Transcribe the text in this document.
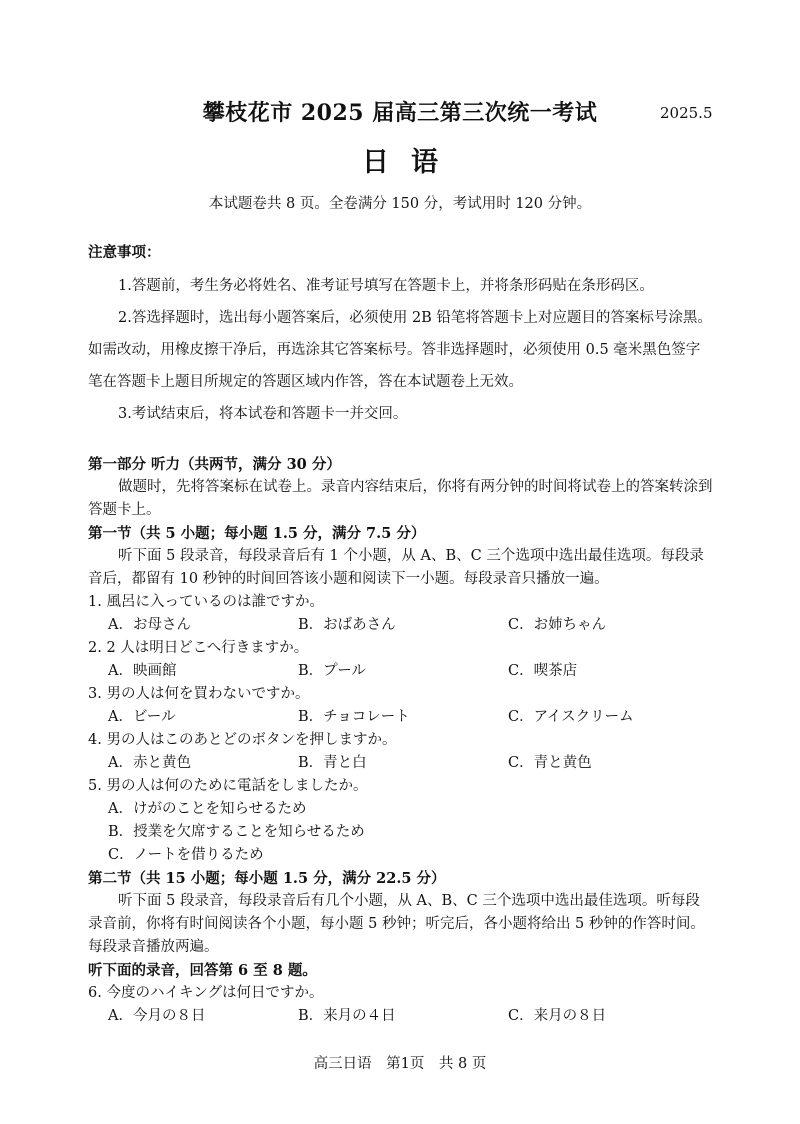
攀枝花市 2025 届高三第三次统一考试	2025.5
日语
本试题卷共 8 页。全卷满分 150 分，考试用时 120 分钟。
注意事项：
1.答题前，考生务必将姓名、准考证号填写在答题卡上，并将条形码贴在条形码区。
2.答选择题时，选出每小题答案后，必须使用 2B 铅笔将答题卡上对应题目的答案标号涂黑。如需改动，用橡皮擦干净后，再选涂其它答案标号。答非选择题时，必须使用 0.5 毫米黑色签字笔在答题卡上题目所规定的答题区域内作答，答在本试题卷上无效。
3.考试结束后，将本试卷和答题卡一并交回。
第一部分 听力（共两节，满分 30 分）
做题时，先将答案标在试卷上。录音内容结束后，你将有两分钟的时间将试卷上的答案转涂到答题卡上。
第一节（共 5 小题；每小题 1.5 分，满分 7.5 分）
听下面 5 段录音，每段录音后有 1 个小题，从 A、B、C 三个选项中选出最佳选项。每段录音后，都留有 10 秒钟的时间回答该小题和阅读下一小题。每段录音只播放一遍。
1. 風呂に入っているのは誰ですか。
A．お母さん	B．おばあさん	C．お姉ちゃん
2. 2 人は明日どこへ行きますか。
A．映画館	B．プール	C．喫茶店
3. 男の人は何を買わないですか。
A．ビール	B．チョコレート	C．アイスクリーム
4. 男の人はこのあとどのボタンを押しますか。
A．赤と黄色	B．青と白	C．青と黄色
5. 男の人は何のために電話をしましたか。
A．けがのことを知らせるため
B．授業を欠席することを知らせるため
C．ノートを借りるため
第二节（共 15 小题；每小题 1.5 分，满分 22.5 分）
听下面 5 段录音，每段录音后有几个小题，从 A、B、C 三个选项中选出最佳选项。听每段录音前，你将有时间阅读各个小题，每小题 5 秒钟；听完后，各小题将给出 5 秒钟的作答时间。每段录音播放两遍。
听下面的录音，回答第 6 至 8 题。
6. 今度のハイキングは何日ですか。
A．今月の８日	B．来月の４日	C．来月の８日
高三日语　第1页　共 8 页
